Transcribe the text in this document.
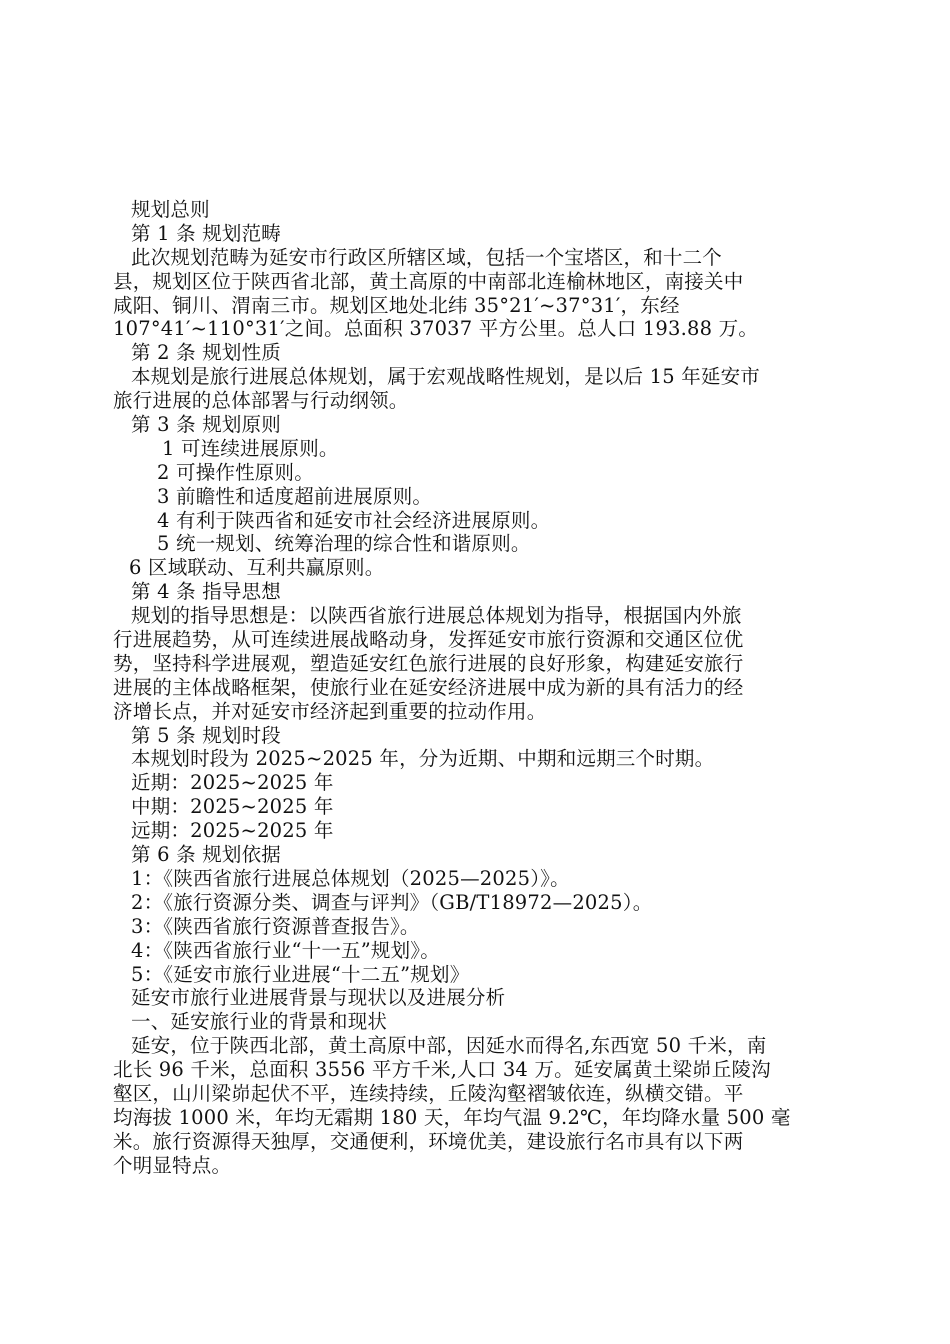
规划总则
第 1 条 规划范畴
此次规划范畴为延安市行政区所辖区域，包括一个宝塔区，和十二个
县，规划区位于陕西省北部，黄土高原的中南部北连榆林地区，南接关中
咸阳、铜川、渭南三市。规划区地处北纬 35°21′~37°31′，东经
107°41′~110°31′之间。总面积 37037 平方公里。总人口 193.88 万。
第 2 条 规划性质
本规划是旅行进展总体规划，属于宏观战略性规划，是以后 15 年延安市
旅行进展的总体部署与行动纲领。
第 3 条 规划原则
1 可连续进展原则。
2 可操作性原则。
3 前瞻性和适度超前进展原则。
4 有利于陕西省和延安市社会经济进展原则。
5 统一规划、统筹治理的综合性和谐原则。
6 区域联动、互利共赢原则。
第 4 条 指导思想
规划的指导思想是：以陕西省旅行进展总体规划为指导，根据国内外旅
行进展趋势，从可连续进展战略动身，发挥延安市旅行资源和交通区位优
势，坚持科学进展观，塑造延安红色旅行进展的良好形象，构建延安旅行
进展的主体战略框架，使旅行业在延安经济进展中成为新的具有活力的经
济增长点，并对延安市经济起到重要的拉动作用。
第 5 条 规划时段
本规划时段为 2025~2025 年，分为近期、中期和远期三个时期。
近期：2025~2025 年
中期：2025~2025 年
远期：2025~2025 年
第 6 条 规划依据
1：《陕西省旅行进展总体规划（2025—2025）》。
2：《旅行资源分类、调查与评判》（GB/T18972—2025）。
3：《陕西省旅行资源普查报告》。
4：《陕西省旅行业“十一五”规划》。
5：《延安市旅行业进展“十二五”规划》
延安市旅行业进展背景与现状以及进展分析
一、延安旅行业的背景和现状
延安，位于陕西北部，黄土高原中部，因延水而得名,东西宽 50 千米，南
北长 96 千米，总面积 3556 平方千米,人口 34 万。延安属黄土梁峁丘陵沟
壑区，山川梁峁起伏不平，连续持续，丘陵沟壑褶皱依连，纵横交错。平
均海拔 1000 米，年均无霜期 180 天，年均气温 9.2℃，年均降水量 500 毫
米。旅行资源得天独厚，交通便利，环境优美，建设旅行名市具有以下两
个明显特点。
